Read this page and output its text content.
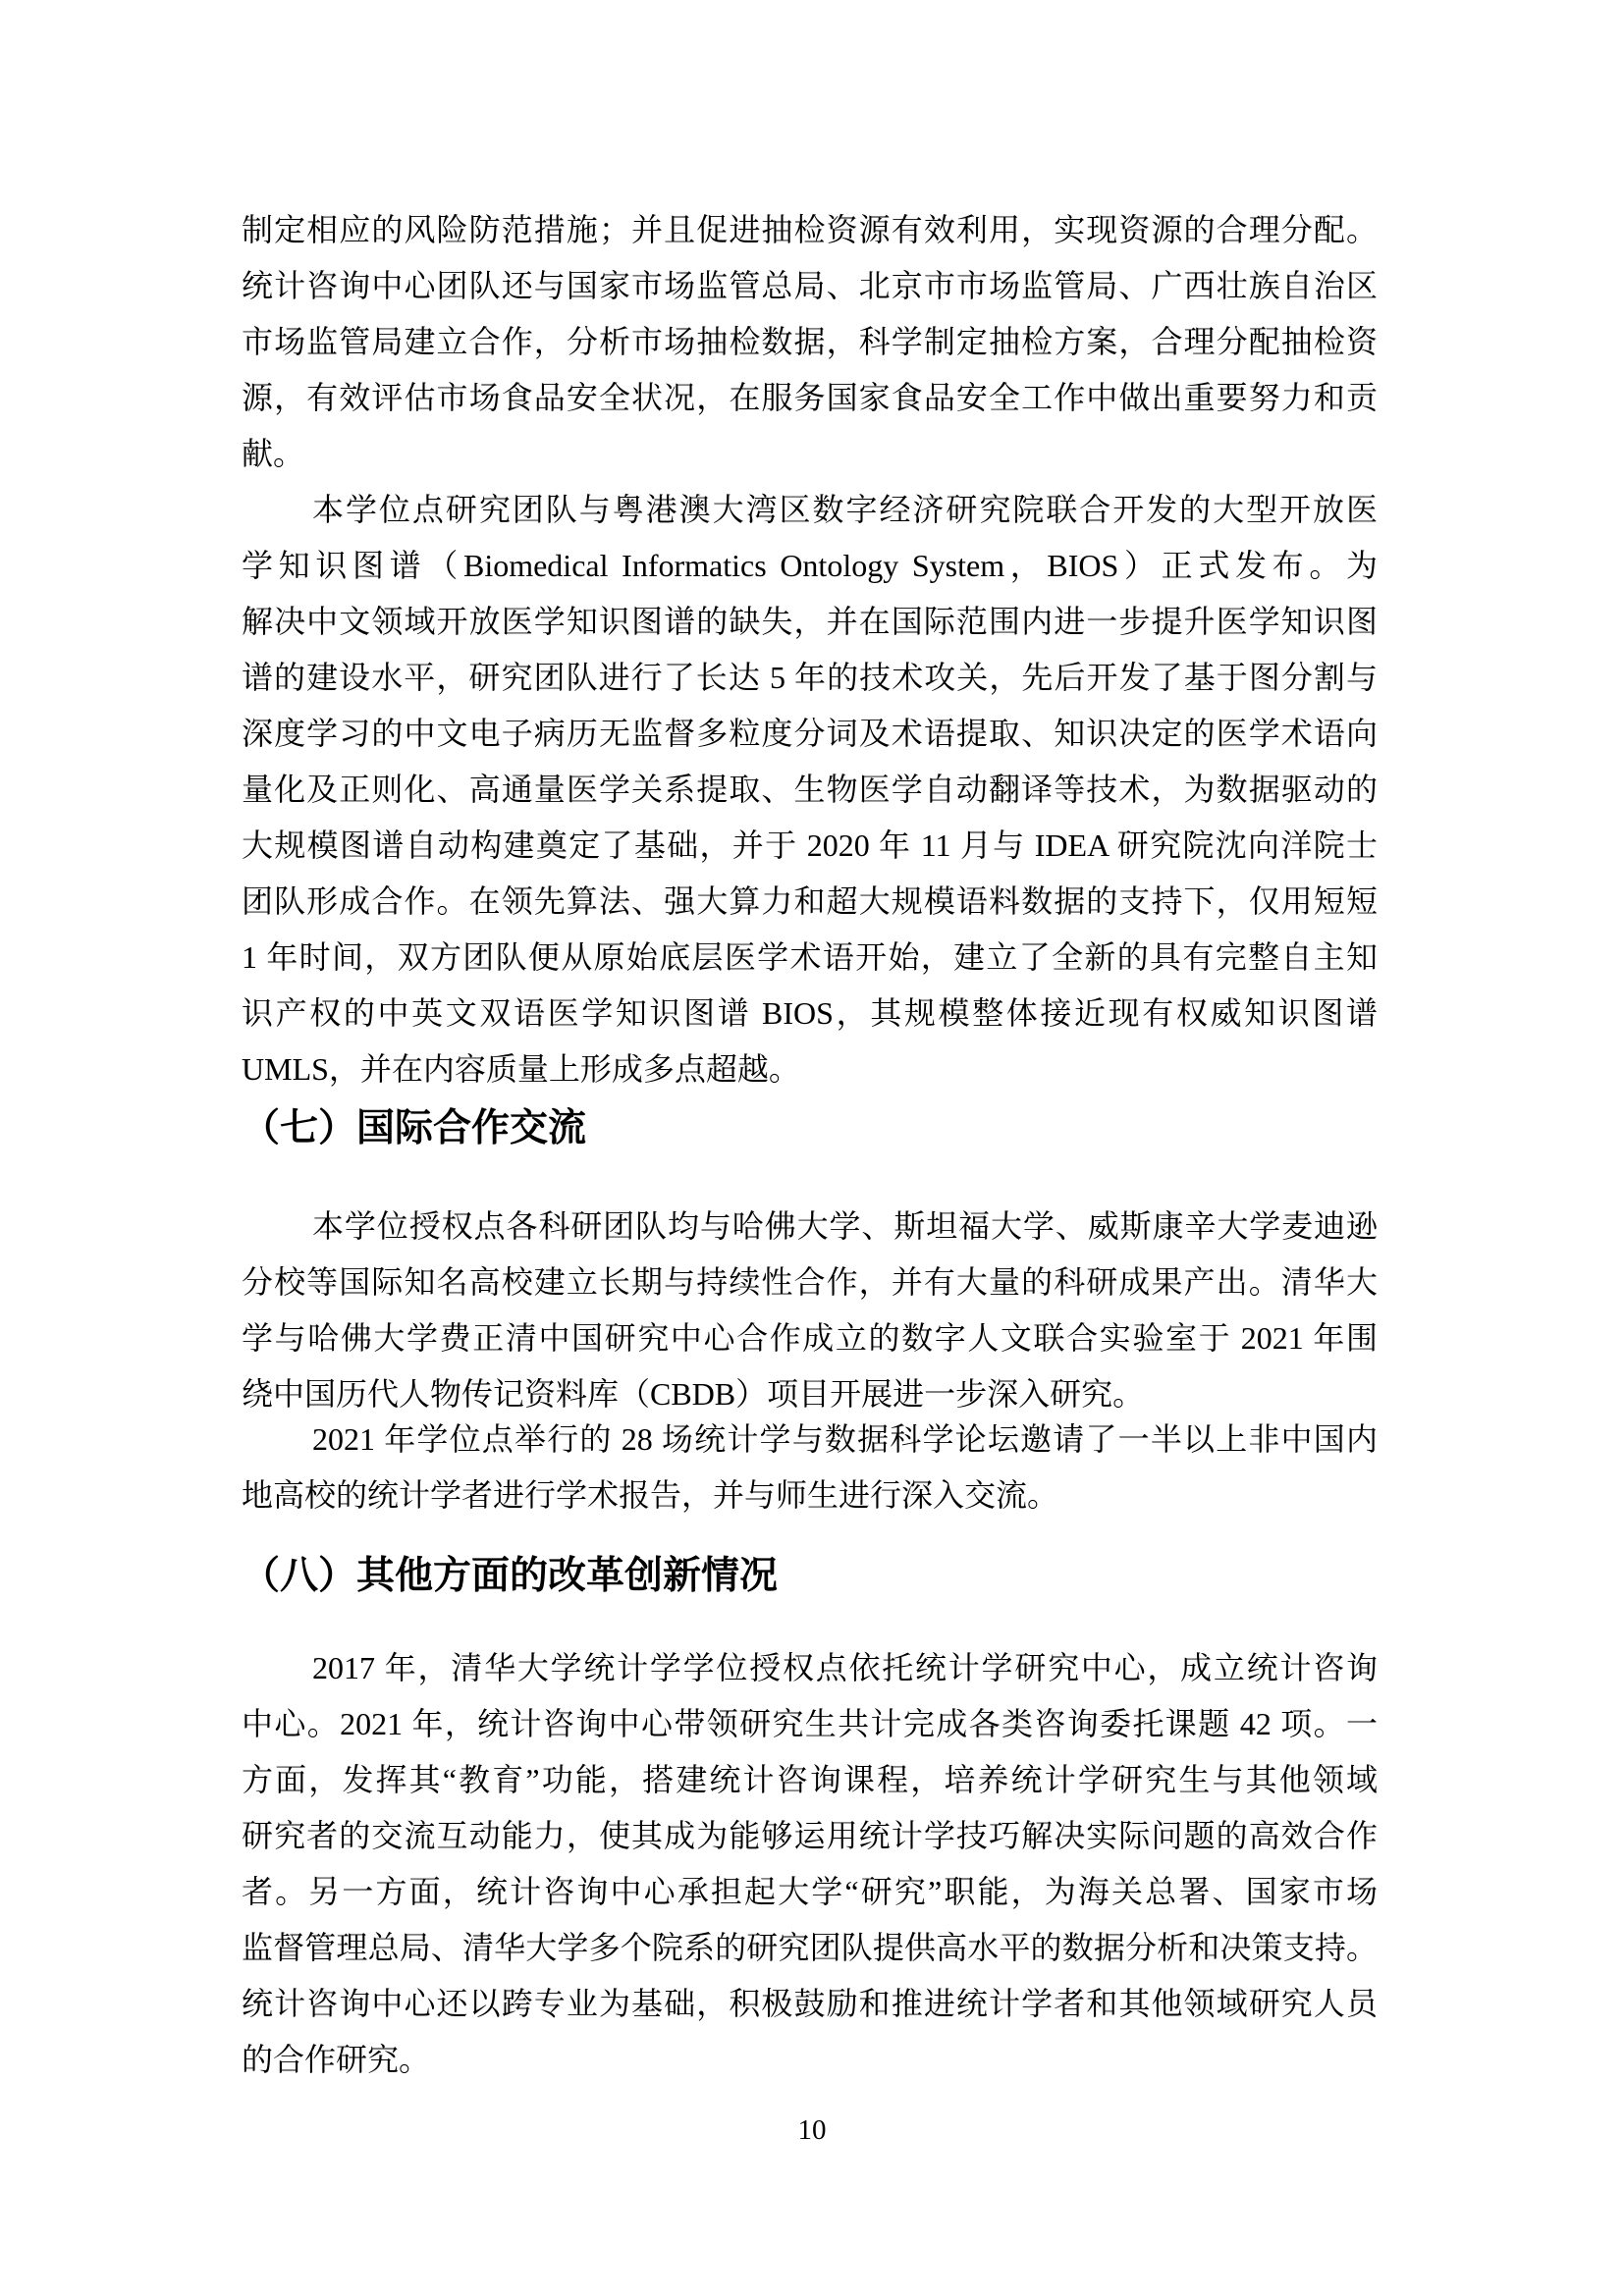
制定相应的风险防范措施；并且促进抽检资源有效利用，实现资源的合理分配。
统计咨询中心团队还与国家市场监管总局、北京市市场监管局、广西壮族自治区
市场监管局建立合作，分析市场抽检数据，科学制定抽检方案，合理分配抽检资
源，有效评估市场食品安全状况，在服务国家食品安全工作中做出重要努力和贡
献。
本学位点研究团队与粤港澳大湾区数字经济研究院联合开发的大型开放医
学知识图谱（Biomedical Informatics Ontology System，BIOS）正式发布。为
解决中文领域开放医学知识图谱的缺失，并在国际范围内进一步提升医学知识图
谱的建设水平，研究团队进行了长达 5 年的技术攻关，先后开发了基于图分割与
深度学习的中文电子病历无监督多粒度分词及术语提取、知识决定的医学术语向
量化及正则化、高通量医学关系提取、生物医学自动翻译等技术，为数据驱动的
大规模图谱自动构建奠定了基础，并于 2020 年 11 月与 IDEA 研究院沈向洋院士
团队形成合作。在领先算法、强大算力和超大规模语料数据的支持下，仅用短短
1 年时间，双方团队便从原始底层医学术语开始，建立了全新的具有完整自主知
识产权的中英文双语医学知识图谱 BIOS，其规模整体接近现有权威知识图谱
UMLS，并在内容质量上形成多点超越。
（七）国际合作交流
本学位授权点各科研团队均与哈佛大学、斯坦福大学、威斯康辛大学麦迪逊
分校等国际知名高校建立长期与持续性合作，并有大量的科研成果产出。清华大
学与哈佛大学费正清中国研究中心合作成立的数字人文联合实验室于 2021 年围
绕中国历代人物传记资料库（CBDB）项目开展进一步深入研究。
2021 年学位点举行的 28 场统计学与数据科学论坛邀请了一半以上非中国内
地高校的统计学者进行学术报告，并与师生进行深入交流。
（八）其他方面的改革创新情况
2017 年，清华大学统计学学位授权点依托统计学研究中心，成立统计咨询
中心。2021 年，统计咨询中心带领研究生共计完成各类咨询委托课题 42 项。一
方面，发挥其“教育”功能，搭建统计咨询课程，培养统计学研究生与其他领域
研究者的交流互动能力，使其成为能够运用统计学技巧解决实际问题的高效合作
者。另一方面，统计咨询中心承担起大学“研究”职能，为海关总署、国家市场
监督管理总局、清华大学多个院系的研究团队提供高水平的数据分析和决策支持。
统计咨询中心还以跨专业为基础，积极鼓励和推进统计学者和其他领域研究人员
的合作研究。
10
